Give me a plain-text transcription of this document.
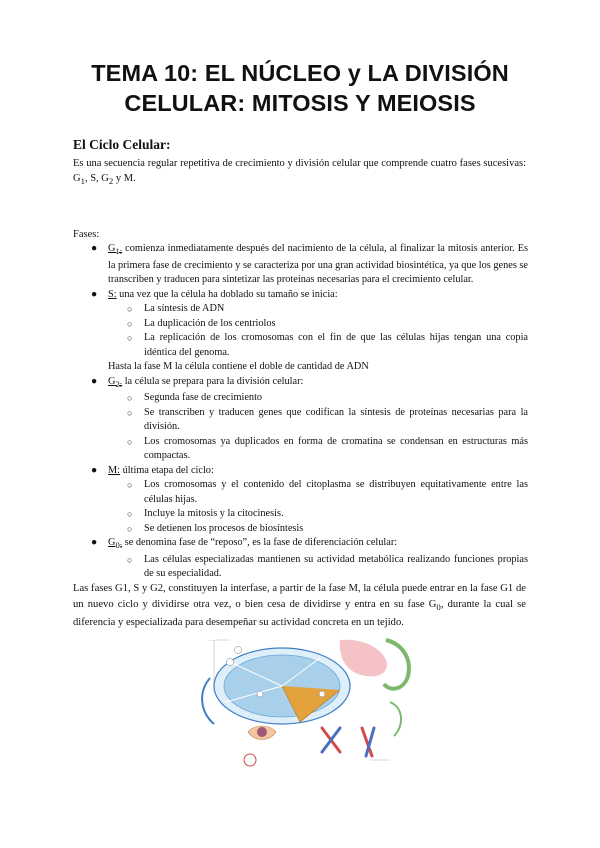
TEMA 10: EL NÚCLEO y LA DIVISIÓN
CELULAR: MITOSIS Y MEIOSIS
El Ciclo Celular:

Es una secuencia regular repetitiva de crecimiento y división celular que comprende cuatro fases sucesivas: $G_1$, S, $G_2$ y M.

Fases:

● $G_{1:}$ comienza inmediatamente después del nacimiento de la célula, al finalizar la mitosis anterior. Es la primera fase de crecimiento y se caracteriza por una gran actividad biosintética, ya que los genes se transcriben y traducen para sintetizar las proteínas necesarias para el crecimiento celular.
● S: una vez que la célula ha doblado su tamaño se inicia:
○ La síntesis de ADN
○ La duplicación de los centriolos
○ La replicación de los cromosomas con el fin de que las células hijas tengan una copia idéntica del genoma.

Hasta la fase M la célula contiene el doble de cantidad de ADN

● $G_{2:}$ la célula se prepara para la división celular:
○ Segunda fase de crecimiento
○ Se transcriben y traducen genes que codifican la síntesis de proteínas necesarias para la división.
○ Los cromosomas ya duplicados en forma de cromatina se condensan en estructuras más compactas.
● M: última etapa del ciclo:
○ Los cromosomas y el contenido del citoplasma se distribuyen equitativamente entre las células hijas.
○ Incluye la mitosis y la citocinesis.
○ Se detienen los procesos de biosíntesis
● $G_{0:}$ se denomina fase de “reposo”, es la fase de diferenciación celular:
○ Las células especializadas mantienen su actividad metabólica realizando funciones propias de su especialidad.

Las fases G1, S y G2, constituyen la interfase, a partir de la fase M, la célula puede entrar en la fase G1 de un nuevo ciclo y dividirse otra vez, o bien cesa de dividirse y entra en su fase $G_0$, durante la cual se diferencia y especializada para desempeñar su actividad concreta en un tejido.
